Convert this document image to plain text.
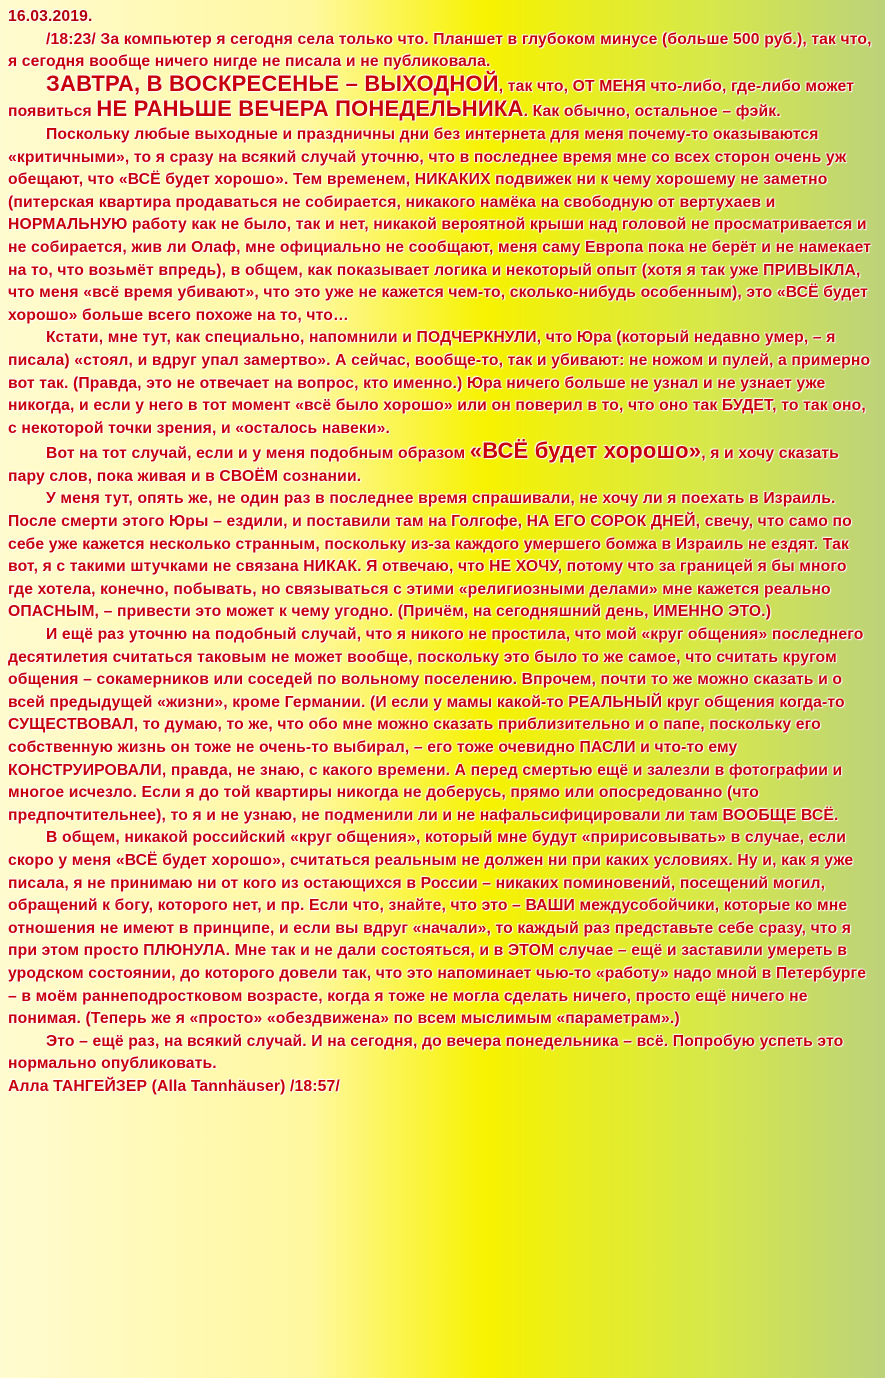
16.03.2019.

/18:23/ За компьютер я сегодня села только что. Планшет в глубоком минусе (больше 500 руб.), так что, я сегодня вообще ничего нигде не писала и не публиковала.

ЗАВТРА, В ВОСКРЕСЕНЬЕ – ВЫХОДНОЙ, так что, ОТ МЕНЯ что-либо, где-либо может появиться НЕ РАНЬШЕ ВЕЧЕРА ПОНЕДЕЛЬНИКА. Как обычно, остальное – фэйк.

Поскольку любые выходные и праздничны дни без интернета для меня почему-то оказываются «критичными», то я сразу на всякий случай уточню, что в последнее время мне со всех сторон очень уж обещают, что «ВСЁ будет хорошо». Тем временем, НИКАКИХ подвижек ни к чему хорошему не заметно (питерская квартира продаваться не собирается, никакого намёка на свободную от вертухаев и НОРМАЛЬНУЮ работу как не было, так и нет, никакой вероятной крыши над головой не просматривается и не собирается, жив ли Олаф, мне официально не сообщают, меня саму Европа пока не берёт и не намекает на то, что возьмёт впредь), в общем, как показывает логика и некоторый опыт (хотя я так уже ПРИВЫКЛА, что меня «всё время убивают», что это уже не кажется чем-то, сколько-нибудь особенным), это «ВСЁ будет хорошо» больше всего похоже на то, что…

Кстати, мне тут, как специально, напомнили и ПОДЧЕРКНУЛИ, что Юра (который недавно умер, – я писала) «стоял, и вдруг упал замертво». А сейчас, вообще-то, так и убивают: не ножом и пулей, а примерно вот так. (Правда, это не отвечает на вопрос, кто именно.) Юра ничего больше не узнал и не узнает уже никогда, и если у него в тот момент «всё было хорошо» или он поверил в то, что оно так БУДЕТ, то так оно, с некоторой точки зрения, и «осталось навеки».

Вот на тот случай, если и у меня подобным образом «ВСЁ будет хорошо», я и хочу сказать пару слов, пока живая и в СВОЁМ сознании.

У меня тут, опять же, не один раз в последнее время спрашивали, не хочу ли я поехать в Израиль. После смерти этого Юры – ездили, и поставили там на Голгофе, НА ЕГО СОРОК ДНЕЙ, свечу, что само по себе уже кажется несколько странным, поскольку из-за каждого умершего бомжа в Израиль не ездят. Так вот, я с такими штучками не связана НИКАК. Я отвечаю, что НЕ ХОЧУ, потому что за границей я бы много где хотела, конечно, побывать, но связываться с этими «религиозными делами» мне кажется реально ОПАСНЫМ, – привести это может к чему угодно. (Причём, на сегодняшний день, ИМЕННО ЭТО.)

И ещё раз уточню на подобный случай, что я никого не простила, что мой «круг общения» последнего десятилетия считаться таковым не может вообще, поскольку это было то же самое, что считать кругом общения – сокамерников или соседей по вольному поселению. Впрочем, почти то же можно сказать и о всей предыдущей «жизни», кроме Германии. (И если у мамы какой-то РЕАЛЬНЫЙ круг общения когда-то СУЩЕСТВОВАЛ, то думаю, то же, что обо мне можно сказать приблизительно и о папе, поскольку его собственную жизнь он тоже не очень-то выбирал, – его тоже очевидно ПАСЛИ и что-то ему КОНСТРУИРОВАЛИ, правда, не знаю, с какого времени. А перед смертью ещё и залезли в фотографии и многое исчезло. Если я до той квартиры никогда не доберусь, прямо или опосредованно (что предпочтительнее), то я и не узнаю, не подменили ли и не нафальсифицировали ли там ВООБЩЕ ВСЁ.

В общем, никакой российский «круг общения», который мне будут «пририсовывать» в случае, если скоро у меня «ВСЁ будет хорошо», считаться реальным не должен ни при каких условиях. Ну и, как я уже писала, я не принимаю ни от кого из остающихся в России – никаких поминовений, посещений могил, обращений к богу, которого нет, и пр. Если что, знайте, что это – ВАШИ междусобойчики, которые ко мне отношения не имеют в принципе, и если вы вдруг «начали», то каждый раз представьте себе сразу, что я при этом просто ПЛЮНУЛА. Мне так и не дали состояться, и в ЭТОМ случае – ещё и заставили умереть в уродском состоянии, до которого довели так, что это напоминает чью-то «работу» надо мной в Петербурге – в моём раннеподростковом возрасте, когда я тоже не могла сделать ничего, просто ещё ничего не понимая. (Теперь же я «просто» «обездвижена» по всем мыслимым «параметрам».)

Это – ещё раз, на всякий случай. И на сегодня, до вечера понедельника – всё. Попробую успеть это нормально опубликовать.

Алла ТАНГЕЙЗЕР (Alla Tannhäuser) /18:57/
